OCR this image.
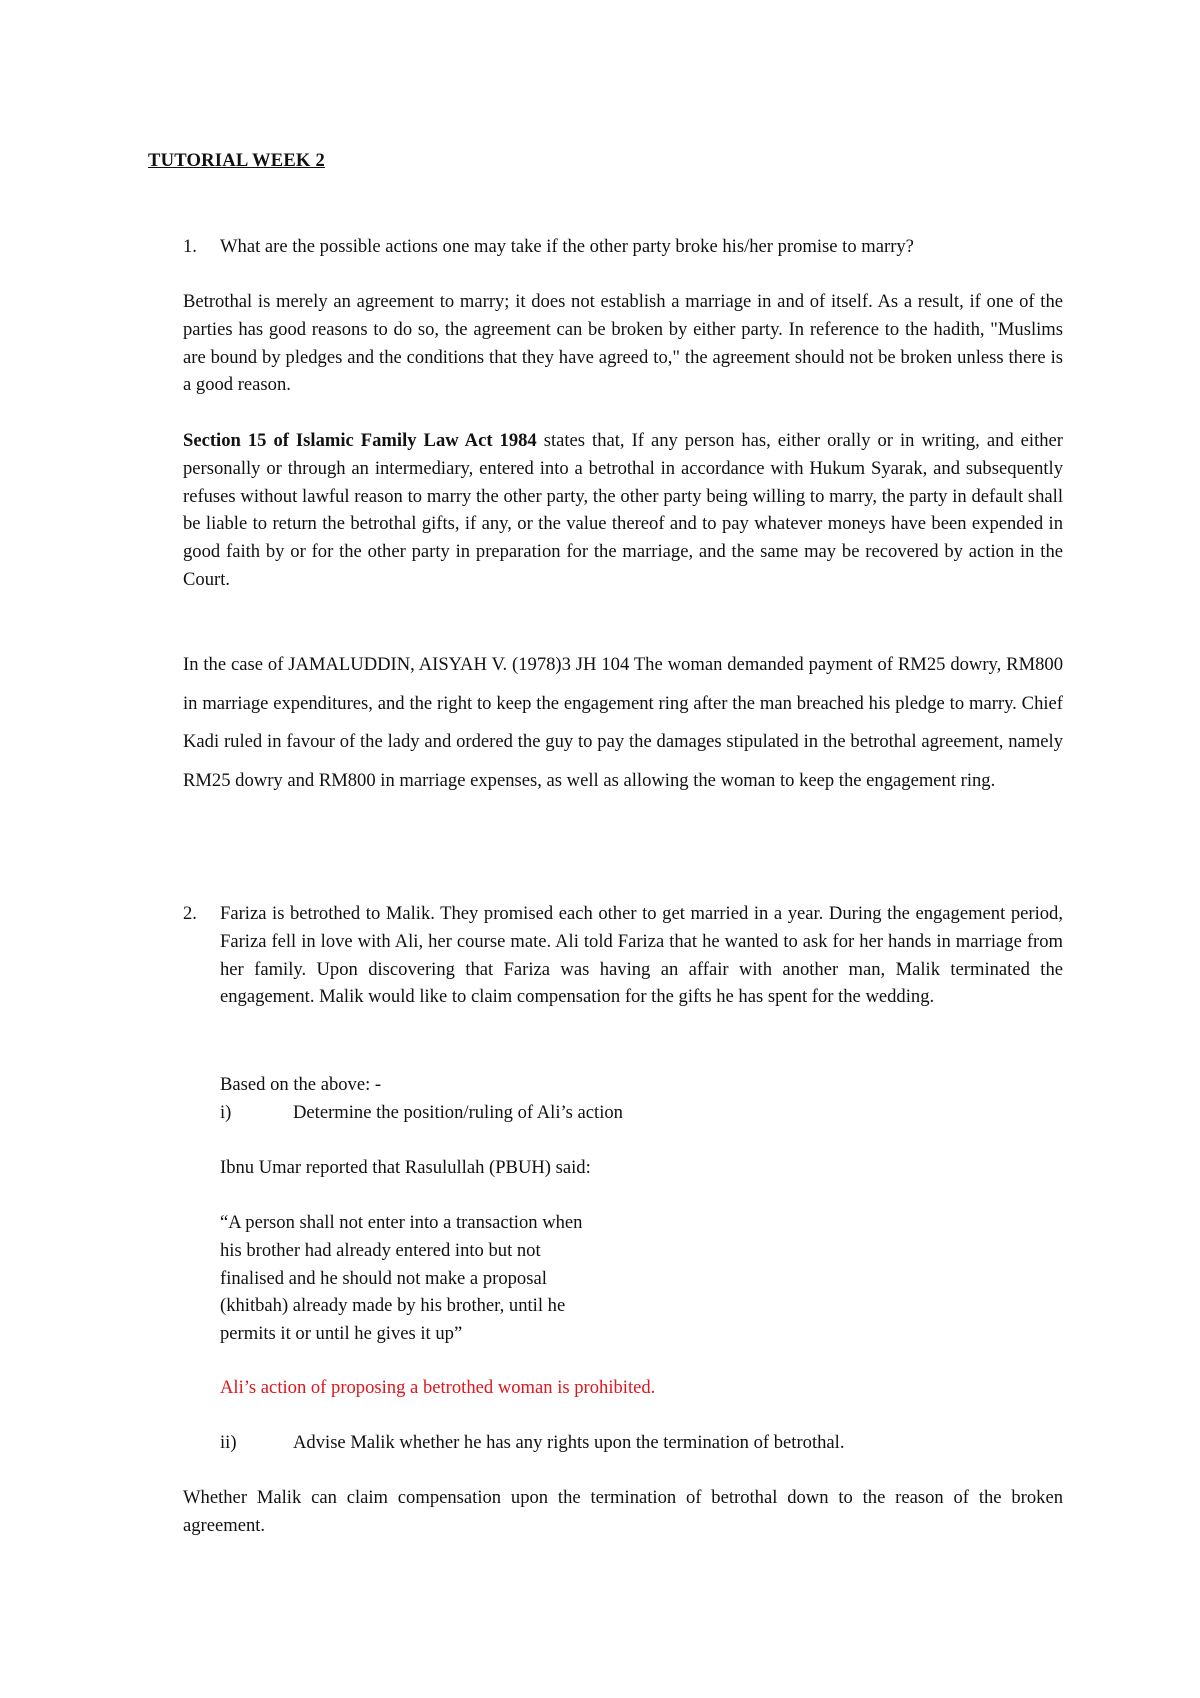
TUTORIAL WEEK 2
1. What are the possible actions one may take if the other party broke his/her promise to marry?

Betrothal is merely an agreement to marry; it does not establish a marriage in and of itself. As a result, if one of the parties has good reasons to do so, the agreement can be broken by either party. In reference to the hadith, "Muslims are bound by pledges and the conditions that they have agreed to," the agreement should not be broken unless there is a good reason.

Section 15 of Islamic Family Law Act 1984 states that, If any person has, either orally or in writing, and either personally or through an intermediary, entered into a betrothal in accordance with Hukum Syarak, and subsequently refuses without lawful reason to marry the other party, the other party being willing to marry, the party in default shall be liable to return the betrothal gifts, if any, or the value thereof and to pay whatever moneys have been expended in good faith by or for the other party in preparation for the marriage, and the same may be recovered by action in the Court.

In the case of JAMALUDDIN, AISYAH V. (1978)3 JH 104 The woman demanded payment of RM25 dowry, RM800 in marriage expenditures, and the right to keep the engagement ring after the man breached his pledge to marry. Chief Kadi ruled in favour of the lady and ordered the guy to pay the damages stipulated in the betrothal agreement, namely RM25 dowry and RM800 in marriage expenses, as well as allowing the woman to keep the engagement ring.

2. Fariza is betrothed to Malik. They promised each other to get married in a year. During the engagement period, Fariza fell in love with Ali, her course mate. Ali told Fariza that he wanted to ask for her hands in marriage from her family. Upon discovering that Fariza was having an affair with another man, Malik terminated the engagement. Malik would like to claim compensation for the gifts he has spent for the wedding.

Based on the above: -
i)	Determine the position/ruling of Ali’s action
Ibnu Umar reported that Rasulullah (PBUH) said:
“A person shall not enter into a transaction when
his brother had already entered into but not
finalised and he should not make a proposal
(khitbah) already made by his brother, until he
permits it or until he gives it up”
Ali’s action of proposing a betrothed woman is prohibited.
ii)	Advise Malik whether he has any rights upon the termination of betrothal.

Whether Malik can claim compensation upon the termination of betrothal down to the reason of the broken agreement.
